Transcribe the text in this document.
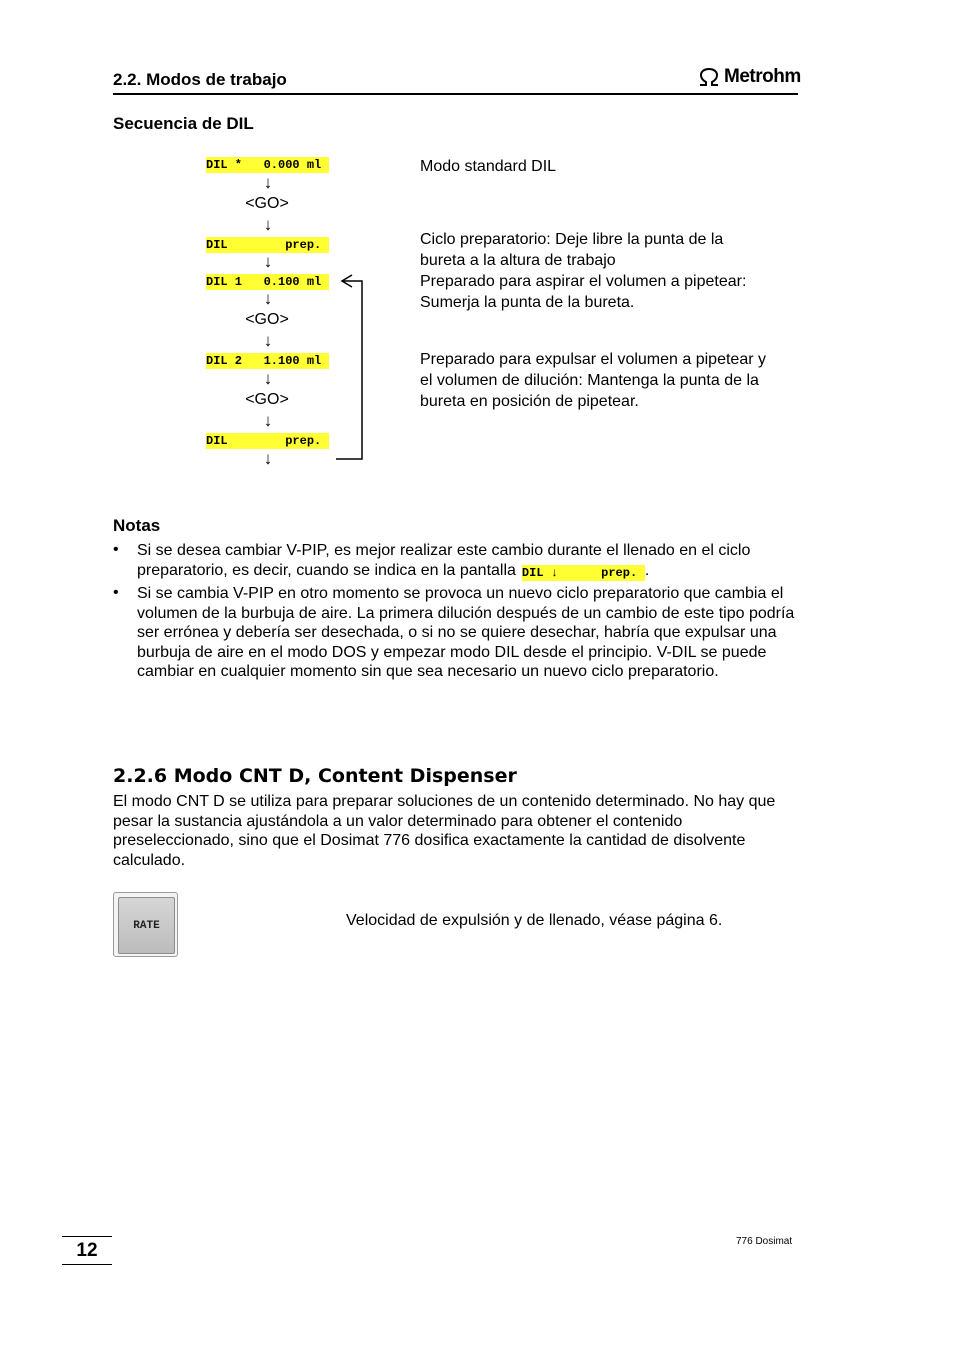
2.2. Modos de trabajo	Metrohm
Secuencia de DIL
DIL *   0.000 ml
↓
<GO>
↓
DIL        prep.
↓
DIL 1   0.100 ml
↓
<GO>
↓
DIL 2   1.100 ml
↓
<GO>
↓
DIL        prep.
↓
Modo standard DIL
Ciclo preparatorio: Deje libre la punta de la
bureta a la altura de trabajo
Preparado para aspirar el volumen a pipetear:
Sumerja la punta de la bureta.
Preparado para expulsar el volumen a pipetear y
el volumen de dilución: Mantenga la punta de la
bureta en posición de pipetear.
Notas
• Si se desea cambiar V-PIP, es mejor realizar este cambio durante el llenado en el ciclo preparatorio, es decir, cuando se indica en la pantalla DIL ↓      prep. .
• Si se cambia V-PIP en otro momento se provoca un nuevo ciclo preparatorio que cambia el volumen de la burbuja de aire. La primera dilución después de un cambio de este tipo podría ser errónea y debería ser desechada, o si no se quiere desechar, habría que expulsar una burbuja de aire en el modo DOS y empezar modo DIL desde el principio. V-DIL se puede cambiar en cualquier momento sin que sea necesario un nuevo ciclo preparatorio.
2.2.6 Modo CNT D, Content Dispenser
El modo CNT D se utiliza para preparar soluciones de un contenido determinado. No hay que pesar la sustancia ajustándola a un valor determinado para obtener el contenido preseleccionado, sino que el Dosimat 776 dosifica exactamente la cantidad de disolvente calculado.
RATE	Velocidad de expulsión y de llenado, véase página 6.
12	776 Dosimat
